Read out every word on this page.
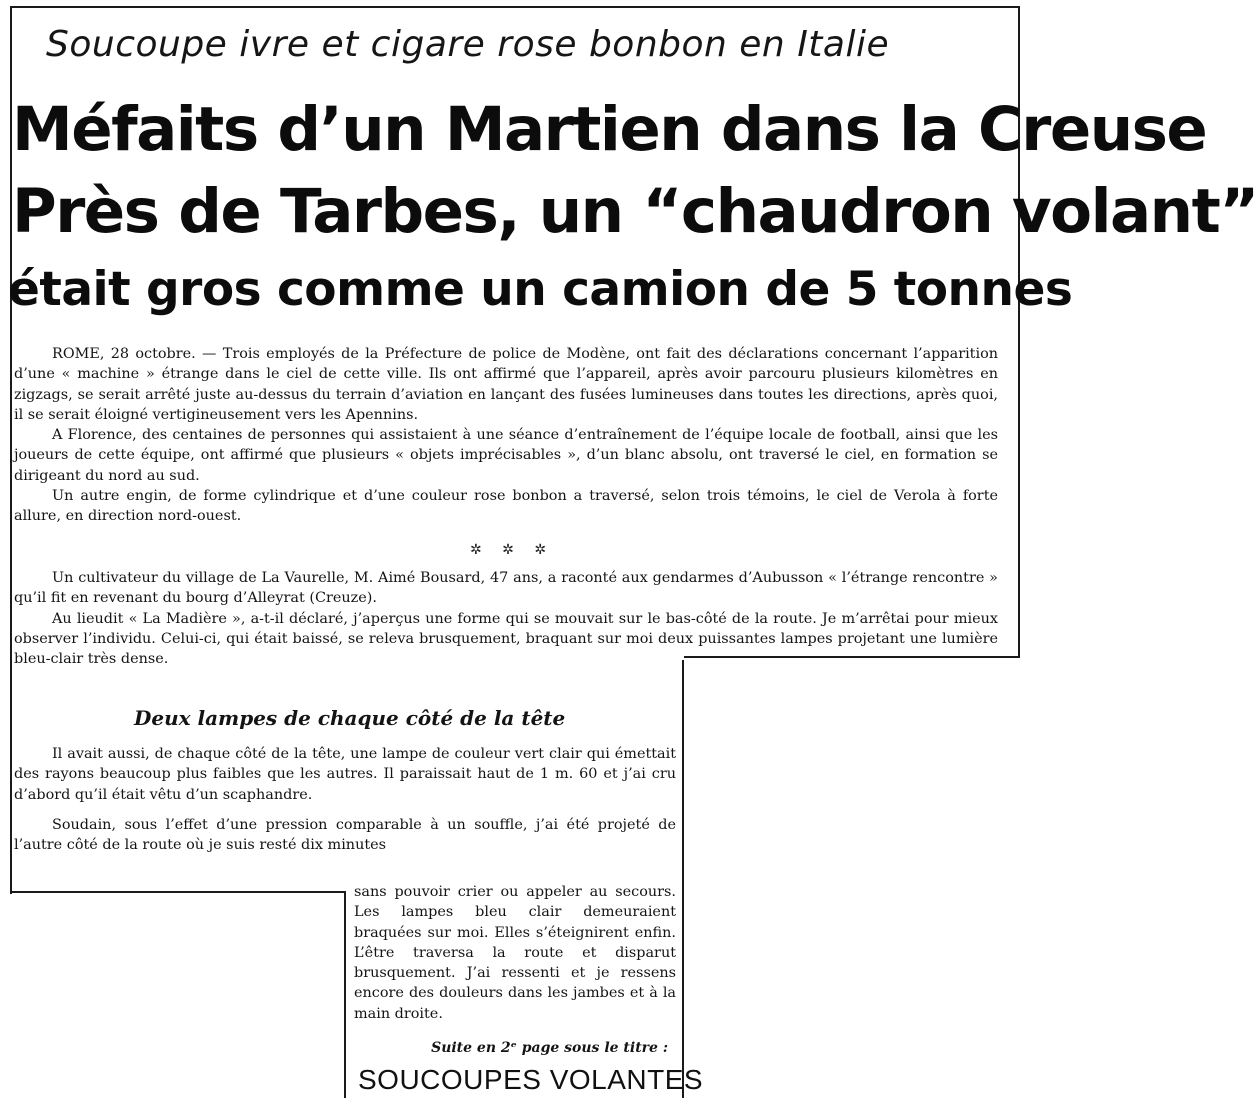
Soucoupe ivre et cigare rose bonbon en Italie
Méfaits d’un Martien dans la Creuse
Près de Tarbes, un “chaudron volant”
était gros comme un camion de 5 tonnes

ROME, 28 octobre. — Trois employés de la Préfecture de police de Modène, ont fait des déclarations concernant l’apparition d’une « machine » étrange dans le ciel de cette ville. Ils ont affirmé que l’appareil, après avoir parcouru plusieurs kilomètres en zigzags, se serait arrêté juste au-dessus du terrain d’aviation en lançant des fusées lumineuses dans toutes les directions, après quoi, il se serait éloigné vertigineusement vers les Apennins.

A Florence, des centaines de personnes qui assistaient à une séance d’entraînement de l’équipe locale de football, ainsi que les joueurs de cette équipe, ont affirmé que plusieurs « objets imprécisables », d’un blanc absolu, ont traversé le ciel, en formation se dirigeant du nord au sud.

Un autre engin, de forme cylindrique et d’une couleur rose bonbon a traversé, selon trois témoins, le ciel de Verola à forte allure, en direction nord-ouest.

✲ ✲ ✲

Un cultivateur du village de La Vaurelle, M. Aimé Bousard, 47 ans, a raconté aux gendarmes d’Aubusson « l’étrange rencontre » qu’il fit en revenant du bourg d’Alleyrat (Creuze).

Au lieudit « La Madière », a-t-il déclaré, j’aperçus une forme qui se mouvait sur le bas-côté de la route. Je m’arrêtai pour mieux observer l’individu. Celui-ci, qui était baissé, se releva brusquement, braquant sur moi deux puissantes lampes projetant une lumière bleu-clair très dense.

Deux lampes de chaque côté de la tête

Il avait aussi, de chaque côté de la tête, une lampe de couleur vert clair qui émettait des rayons beaucoup plus faibles que les autres. Il paraissait haut de 1 m. 60 et j’ai cru d’abord qu’il était vêtu d’un scaphandre.

Soudain, sous l’effet d’une pression comparable à un souffle, j’ai été projeté de l’autre côté de la route où je suis resté dix minutes

sans pouvoir crier ou appeler au secours. Les lampes bleu clair demeuraient braquées sur moi. Elles s’éteignirent enfin. L’être traversa la route et disparut brusquement. J’ai ressenti et je ressens encore des douleurs dans les jambes et à la main droite.

Suite en 2ᵉ page sous le titre :
SOUCOUPES VOLANTES
